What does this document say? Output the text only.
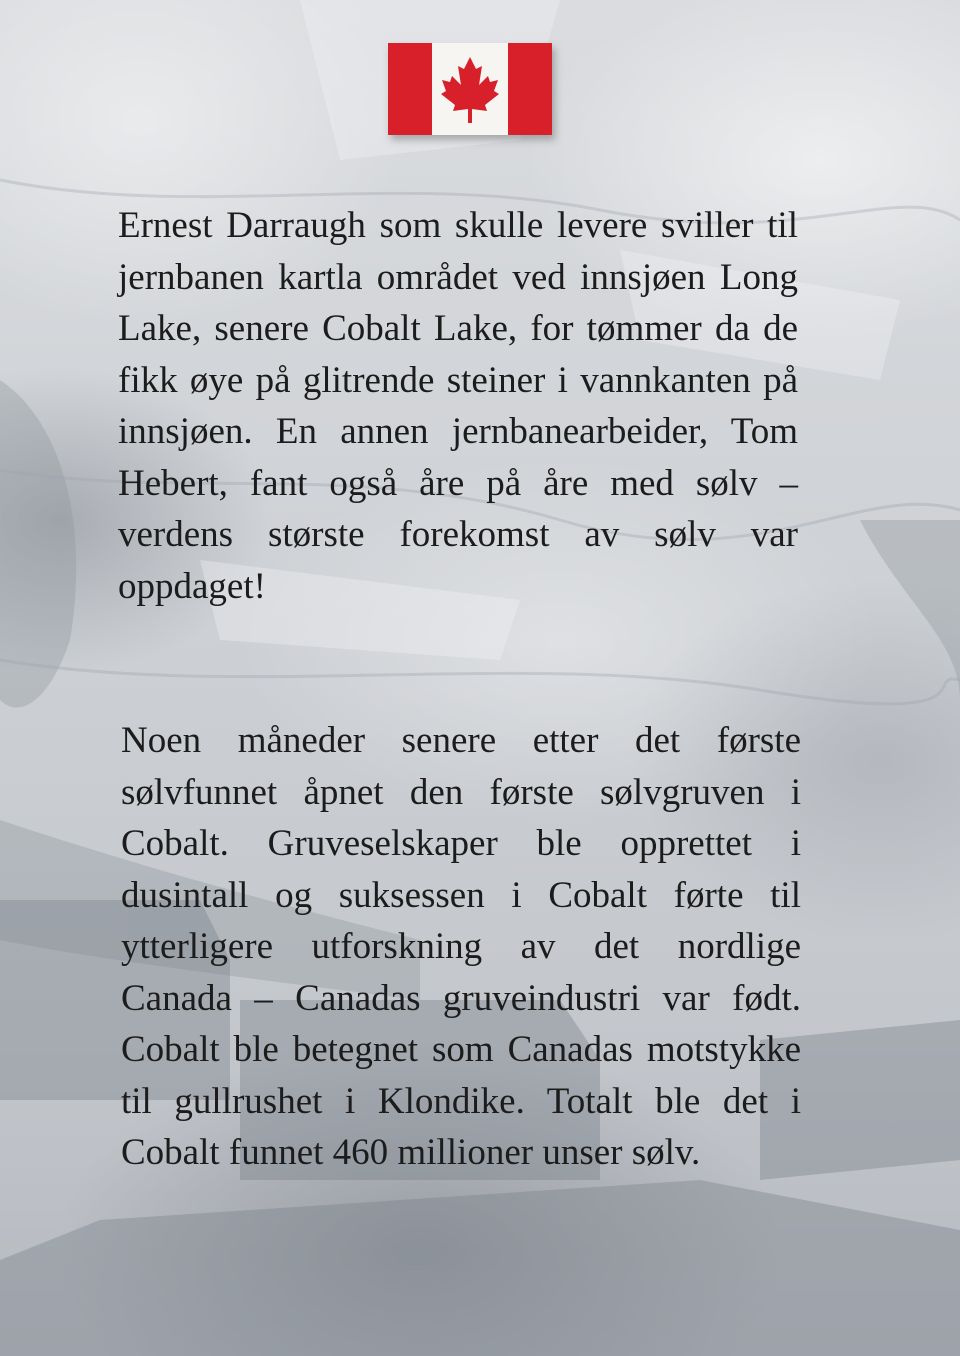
Ernest Darraugh som skulle levere sviller til jernbanen kartla området ved innsjøen Long Lake, senere Cobalt Lake, for tømmer da de fikk øye på glitrende steiner i vannkanten på innsjøen. En annen jernbanearbeider, Tom Hebert, fant også åre på åre med sølv – verdens største forekomst av sølv var oppdaget!

Noen måneder senere etter det første sølvfunnet åpnet den første sølvgruven i Cobalt. Gruveselskaper ble opprettet i dusintall og suksessen i Cobalt førte til ytterligere utforskning av det nordlige Canada – Canadas gruveindustri var født. Cobalt ble betegnet som Canadas motstykke til gullrushet i Klondike. Totalt ble det i Cobalt funnet 460 millioner unser sølv.
